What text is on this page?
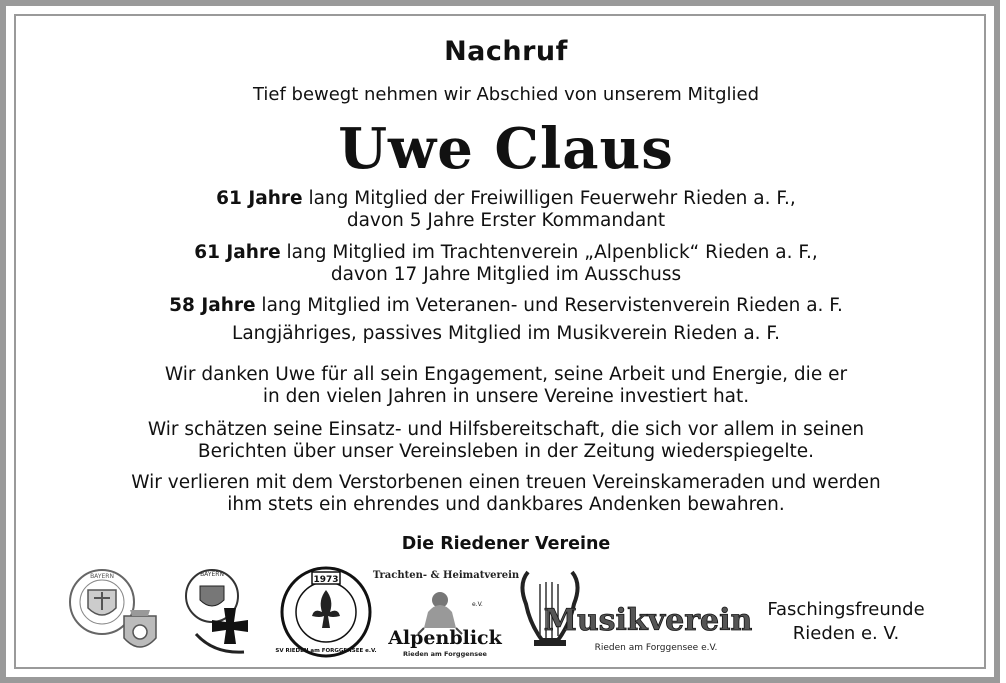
Nachruf
Tief bewegt nehmen wir Abschied von unserem Mitglied
Uwe Claus
61 Jahre lang Mitglied der Freiwilligen Feuerwehr Rieden a. F.,
davon 5 Jahre Erster Kommandant
61 Jahre lang Mitglied im Trachtenverein „Alpenblick“ Rieden a. F.,
davon 17 Jahre Mitglied im Ausschuss
58 Jahre lang Mitglied im Veteranen- und Reservistenverein Rieden a. F.
Langjähriges, passives Mitglied im Musikverein Rieden a. F.
Wir danken Uwe für all sein Engagement, seine Arbeit und Energie, die er
in den vielen Jahren in unsere Vereine investiert hat.
Wir schätzen seine Einsatz- und Hilfsbereitschaft, die sich vor allem in seinen
Berichten über unser Vereinsleben in der Zeitung wiederspiegelte.
Wir verlieren mit dem Verstorbenen einen treuen Vereinskameraden und werden
ihm stets ein ehrendes und dankbares Andenken bewahren.
Die Riedener Vereine
BAYERN	BAYERN
1973
SV RIEDEN am FORGGENSEE e.V.
Trachten- & Heimatverein
e.V.
Alpenblick
Rieden am Forggensee
Musikverein
Rieden am Forggensee e.V.
Faschingsfreunde
Rieden e. V.
